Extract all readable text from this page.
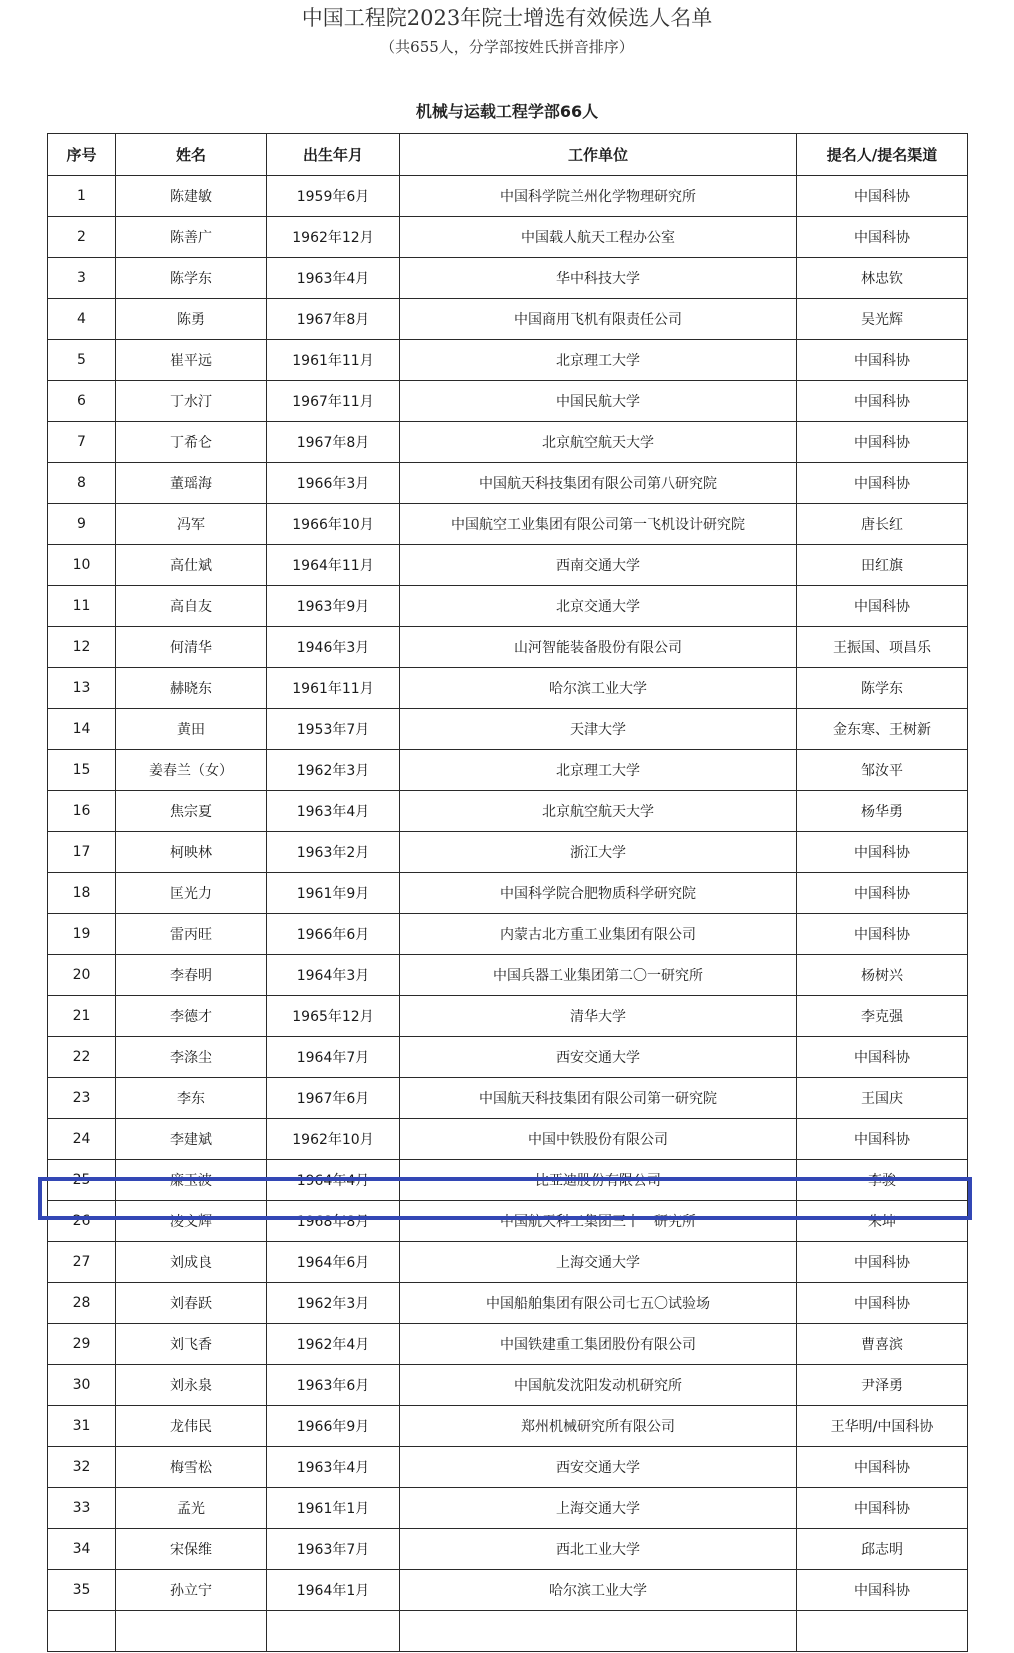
中国工程院2023年院士增选有效候选人名单
（共655人，分学部按姓氏拼音排序）
机械与运载工程学部66人
序号	姓名	出生年月	工作单位	提名人/提名渠道
1	陈建敏	1959年6月	中国科学院兰州化学物理研究所	中国科协
2	陈善广	1962年12月	中国载人航天工程办公室	中国科协
3	陈学东	1963年4月	华中科技大学	林忠钦
4	陈勇	1967年8月	中国商用飞机有限责任公司	吴光辉
5	崔平远	1961年11月	北京理工大学	中国科协
6	丁水汀	1967年11月	中国民航大学	中国科协
7	丁希仑	1967年8月	北京航空航天大学	中国科协
8	董瑶海	1966年3月	中国航天科技集团有限公司第八研究院	中国科协
9	冯军	1966年10月	中国航空工业集团有限公司第一飞机设计研究院	唐长红
10	高仕斌	1964年11月	西南交通大学	田红旗
11	高自友	1963年9月	北京交通大学	中国科协
12	何清华	1946年3月	山河智能装备股份有限公司	王振国、项昌乐
13	赫晓东	1961年11月	哈尔滨工业大学	陈学东
14	黄田	1953年7月	天津大学	金东寒、王树新
15	姜春兰（女）	1962年3月	北京理工大学	邹汝平
16	焦宗夏	1963年4月	北京航空航天大学	杨华勇
17	柯映林	1963年2月	浙江大学	中国科协
18	匡光力	1961年9月	中国科学院合肥物质科学研究院	中国科协
19	雷丙旺	1966年6月	内蒙古北方重工业集团有限公司	中国科协
20	李春明	1964年3月	中国兵器工业集团第二〇一研究所	杨树兴
21	李德才	1965年12月	清华大学	李克强
22	李涤尘	1964年7月	西安交通大学	中国科协
23	李东	1967年6月	中国航天科技集团有限公司第一研究院	王国庆
24	李建斌	1962年10月	中国中铁股份有限公司	中国科协
25	廉玉波	1964年4月	比亚迪股份有限公司	李骏
26	凌文辉	1968年8月	中国航天科工集团三十一研究所	朱坤
27	刘成良	1964年6月	上海交通大学	中国科协
28	刘春跃	1962年3月	中国船舶集团有限公司七五〇试验场	中国科协
29	刘飞香	1962年4月	中国铁建重工集团股份有限公司	曹喜滨
30	刘永泉	1963年6月	中国航发沈阳发动机研究所	尹泽勇
31	龙伟民	1966年9月	郑州机械研究所有限公司	王华明/中国科协
32	梅雪松	1963年4月	西安交通大学	中国科协
33	孟光	1961年1月	上海交通大学	中国科协
34	宋保维	1963年7月	西北工业大学	邱志明
35	孙立宁	1964年1月	哈尔滨工业大学	中国科协
